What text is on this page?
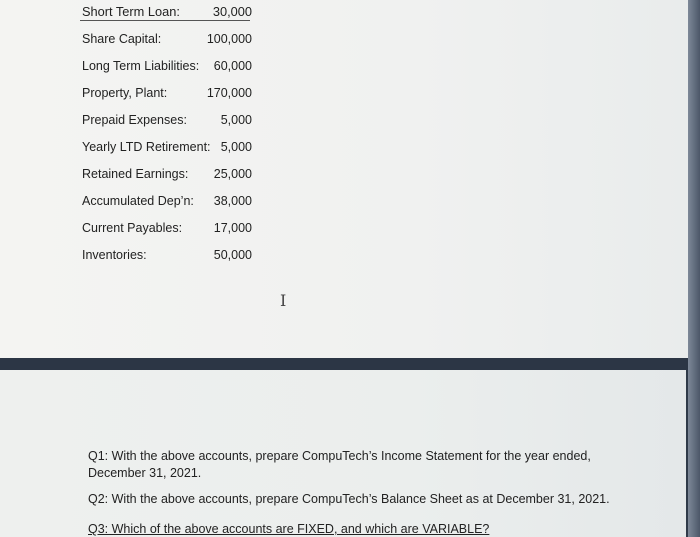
Short Term Loan:	30,000
Share Capital:	100,000
Long Term Liabilities: 60,000
Property, Plant:	170,000
Prepaid Expenses:	5,000
Yearly LTD Retirement: 5,000
Retained Earnings: 25,000
Accumulated Dep’n: 38,000
Current Payables:	17,000
Inventories:	50,000
I
Q1: With the above accounts, prepare CompuTech’s Income Statement for the year ended, December 31, 2021.
Q2: With the above accounts, prepare CompuTech’s Balance Sheet as at December 31, 2021.
Q3: Which of the above accounts are FIXED, and which are VARIABLE?
